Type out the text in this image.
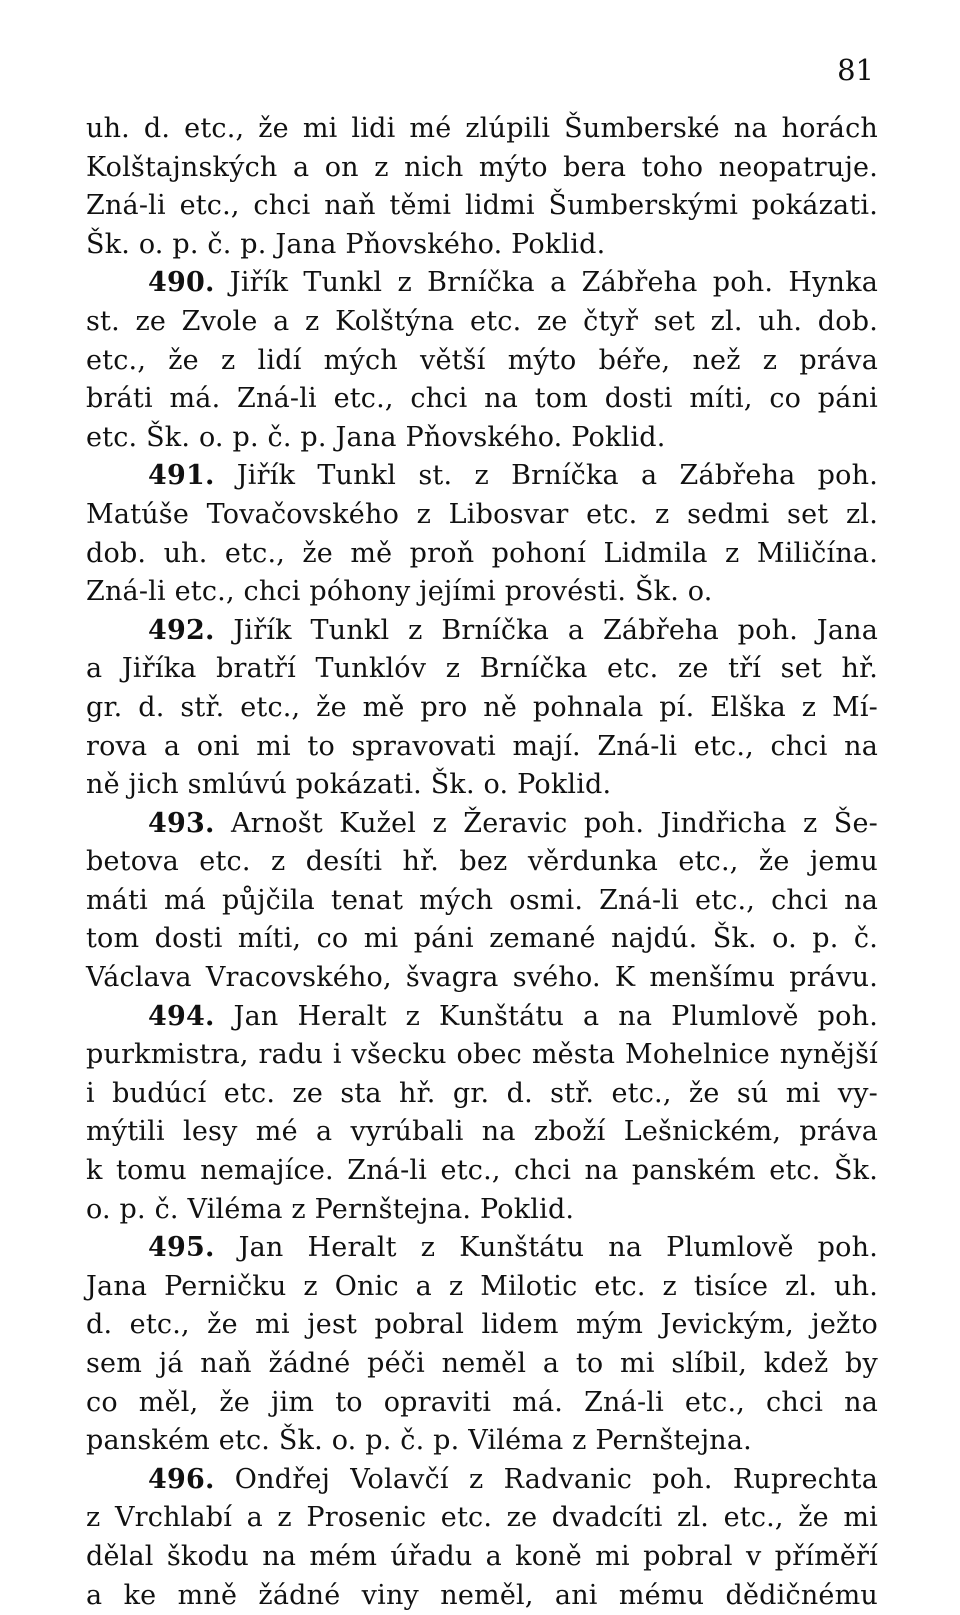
81
uh. d. etc., že mi lidi mé zlúpili Šumberské na horách
Kolštajnských a on z nich mýto bera toho neopatruje.
Zná-li etc., chci naň těmi lidmi Šumberskými pokázati.
Šk. o. p. č. p. Jana Pňovského. Poklid.
490. Jiřík Tunkl z Brníčka a Zábřeha poh. Hynka
st. ze Zvole a z Kolštýna etc. ze čtyř set zl. uh. dob.
etc., že z lidí mých větší mýto béře, než z práva
bráti má. Zná-li etc., chci na tom dosti míti, co páni
etc. Šk. o. p. č. p. Jana Pňovského. Poklid.
491. Jiřík Tunkl st. z Brníčka a Zábřeha poh.
Matúše Tovačovského z Libosvar etc. z sedmi set zl.
dob. uh. etc., že mě proň pohoní Lidmila z Miličína.
Zná-li etc., chci póhony jejími provésti. Šk. o.
492. Jiřík Tunkl z Brníčka a Zábřeha poh. Jana
a Jiříka bratří Tunklóv z Brníčka etc. ze tří set hř.
gr. d. stř. etc., že mě pro ně pohnala pí. Elška z Mí-
rova a oni mi to spravovati mají. Zná-li etc., chci na
ně jich smlúvú pokázati. Šk. o. Poklid.
493. Arnošt Kužel z Žeravic poh. Jindřicha z Še-
betova etc. z desíti hř. bez věrdunka etc., že jemu
máti má půjčila tenat mých osmi. Zná-li etc., chci na
tom dosti míti, co mi páni zemané najdú. Šk. o. p. č.
Václava Vracovského, švagra svého. K menšímu právu.
494. Jan Heralt z Kunštátu a na Plumlově poh.
purkmistra, radu i všecku obec města Mohelnice nynější
i budúcí etc. ze sta hř. gr. d. stř. etc., že sú mi vy-
mýtili lesy mé a vyrúbali na zboží Lešnickém, práva
k tomu nemajíce. Zná-li etc., chci na panském etc. Šk.
o. p. č. Viléma z Pernštejna. Poklid.
495. Jan Heralt z Kunštátu na Plumlově poh.
Jana Perničku z Onic a z Milotic etc. z tisíce zl. uh.
d. etc., že mi jest pobral lidem mým Jevickým, ježto
sem já naň žádné péči neměl a to mi slíbil, kdež by
co měl, že jim to opraviti má. Zná-li etc., chci na
panském etc. Šk. o. p. č. p. Viléma z Pernštejna.
496. Ondřej Volavčí z Radvanic poh. Ruprechta
z Vrchlabí a z Prosenic etc. ze dvadcíti zl. etc., že mi
dělal škodu na mém úřadu a koně mi pobral v příměří
a ke mně žádné viny neměl, ani mému dědičnému
